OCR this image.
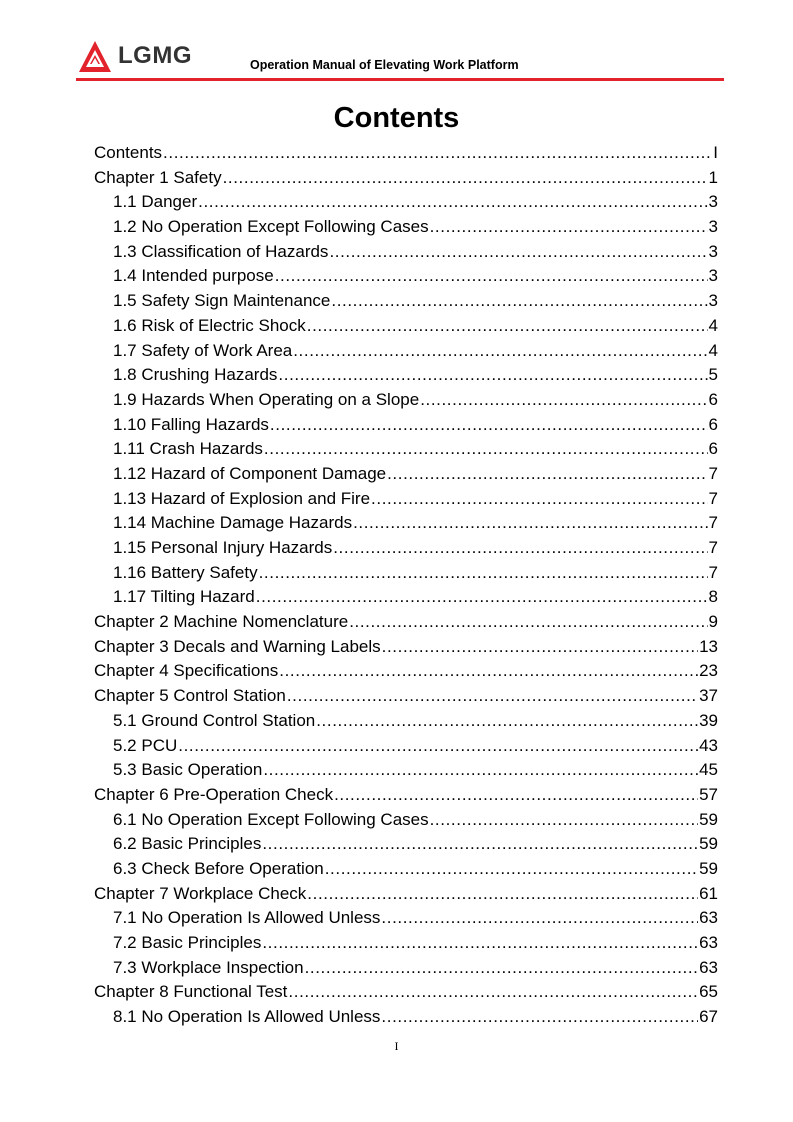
LGMG	Operation Manual of Elevating Work Platform
Contents
Contents .....	I
Chapter 1 Safety .....	1
1.1 Danger .....	3
1.2 No Operation Except Following Cases .....	3
1.3 Classification of Hazards .....	3
1.4 Intended purpose .....	3
1.5 Safety Sign Maintenance .....	3
1.6 Risk of Electric Shock .....	4
1.7 Safety of Work Area .....	4
1.8 Crushing Hazards .....	5
1.9 Hazards When Operating on a Slope .....	6
1.10 Falling Hazards .....	6
1.11 Crash Hazards .....	6
1.12 Hazard of Component Damage .....	7
1.13 Hazard of Explosion and Fire .....	7
1.14 Machine Damage Hazards .....	7
1.15 Personal Injury Hazards .....	7
1.16 Battery Safety .....	7
1.17 Tilting Hazard .....	8
Chapter 2 Machine Nomenclature .....	9
Chapter 3 Decals and Warning Labels .....	13
Chapter 4 Specifications .....	23
Chapter 5 Control Station .....	37
5.1 Ground Control Station .....	39
5.2 PCU .....	43
5.3 Basic Operation .....	45
Chapter 6 Pre-Operation Check .....	57
6.1 No Operation Except Following Cases .....	59
6.2 Basic Principles .....	59
6.3 Check Before Operation .....	59
Chapter 7 Workplace Check .....	61
7.1 No Operation Is Allowed Unless .....	63
7.2 Basic Principles .....	63
7.3 Workplace Inspection .....	63
Chapter 8 Functional Test .....	65
8.1 No Operation Is Allowed Unless .....	67
I
